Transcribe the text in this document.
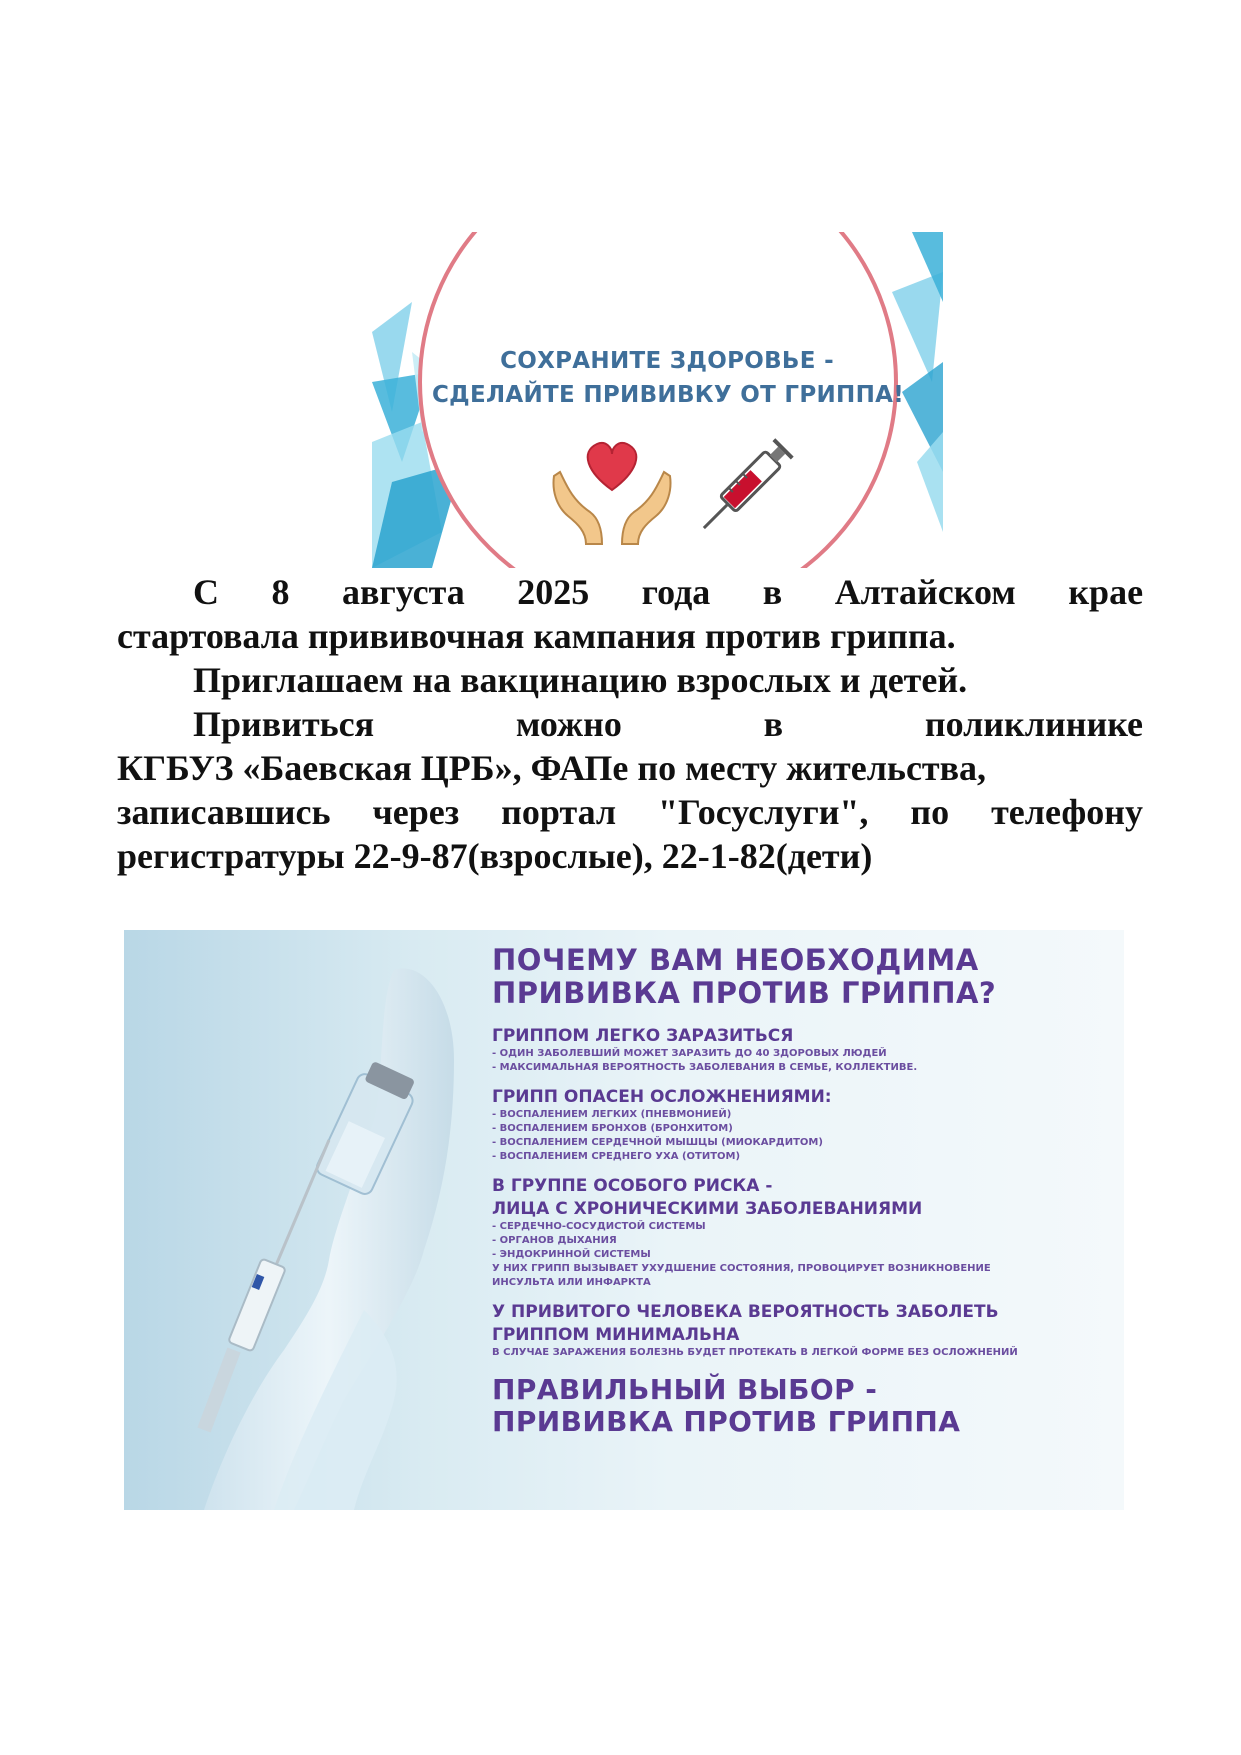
СОХРАНИТЕ ЗДОРОВЬЕ -
СДЕЛАЙТЕ ПРИВИВКУ ОТ ГРИППА!

С 8 августа 2025 года в Алтайском крае

стартовала прививочная кампания против гриппа.

Приглашаем на вакцинацию взрослых и детей.

Привиться	можно	в	поликлинике

КГБУЗ «Баевская ЦРБ», ФАПе по месту жительства,

записавшись через портал "Госуслуги", по телефону

регистратуры 22-9-87(взрослые), 22-1-82(дети)

ПОЧЕМУ ВАМ НЕОБХОДИМА
ПРИВИВКА ПРОТИВ ГРИППА?
ГРИППОМ ЛЕГКО ЗАРАЗИТЬСЯ
- ОДИН ЗАБОЛЕВШИЙ МОЖЕТ ЗАРАЗИТЬ ДО 40 ЗДОРОВЫХ ЛЮДЕЙ
- МАКСИМАЛЬНАЯ ВЕРОЯТНОСТЬ ЗАБОЛЕВАНИЯ В СЕМЬЕ, КОЛЛЕКТИВЕ.
ГРИПП ОПАСЕН ОСЛОЖНЕНИЯМИ:
- ВОСПАЛЕНИЕМ ЛЕГКИХ (ПНЕВМОНИЕЙ)
- ВОСПАЛЕНИЕМ БРОНХОВ (БРОНХИТОМ)
- ВОСПАЛЕНИЕМ СЕРДЕЧНОЙ МЫШЦЫ (МИОКАРДИТОМ)
- ВОСПАЛЕНИЕМ СРЕДНЕГО УХА (ОТИТОМ)
В ГРУППЕ ОСОБОГО РИСКА -
ЛИЦА С ХРОНИЧЕСКИМИ ЗАБОЛЕВАНИЯМИ
- СЕРДЕЧНО-СОСУДИСТОЙ СИСТЕМЫ
- ОРГАНОВ ДЫХАНИЯ
- ЭНДОКРИННОЙ СИСТЕМЫ
У НИХ ГРИПП ВЫЗЫВАЕТ УХУДШЕНИЕ СОСТОЯНИЯ, ПРОВОЦИРУЕТ ВОЗНИКНОВЕНИЕ
ИНСУЛЬТА ИЛИ ИНФАРКТА
У ПРИВИТОГО ЧЕЛОВЕКА ВЕРОЯТНОСТЬ ЗАБОЛЕТЬ
ГРИППОМ МИНИМАЛЬНА
В СЛУЧАЕ ЗАРАЖЕНИЯ БОЛЕЗНЬ БУДЕТ ПРОТЕКАТЬ В ЛЕГКОЙ ФОРМЕ БЕЗ ОСЛОЖНЕНИЙ
ПРАВИЛЬНЫЙ ВЫБОР -
ПРИВИВКА ПРОТИВ ГРИППА
